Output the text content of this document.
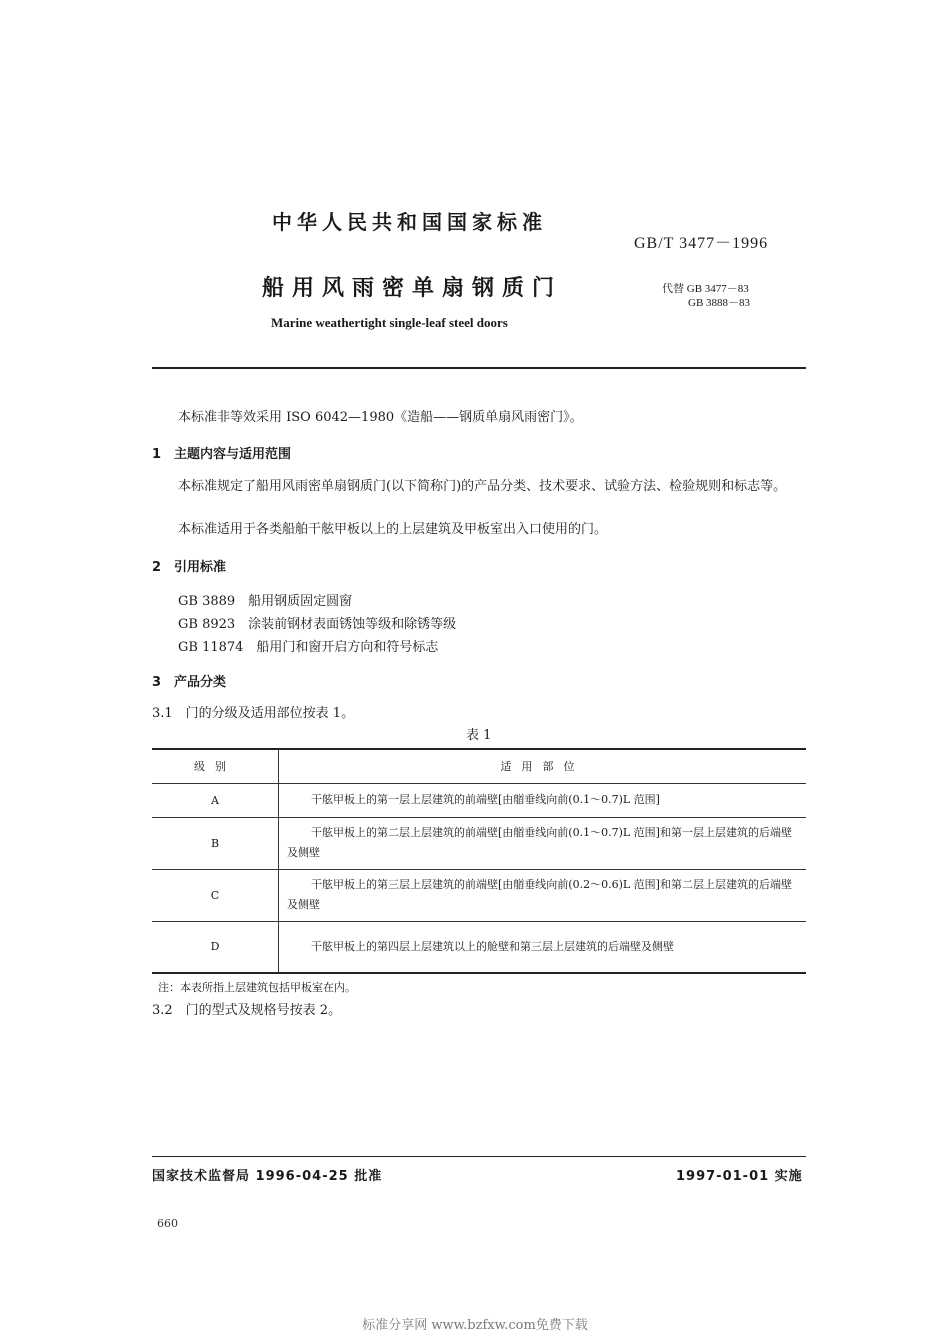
中华人民共和国国家标准
GB/T 3477－1996
船用风雨密单扇钢质门
Marine weathertight single-leaf steel doors
代替 GB 3477－83
GB 3888－83
本标准非等效采用 ISO 6042—1980《造船——钢质单扇风雨密门》。
1　主题内容与适用范围
本标准规定了船用风雨密单扇钢质门(以下简称门)的产品分类、技术要求、试验方法、检验规则和标志等。
本标准适用于各类船舶干舷甲板以上的上层建筑及甲板室出入口使用的门。
2　引用标准
GB 3889　船用钢质固定圆窗
GB 8923　涂装前钢材表面锈蚀等级和除锈等级
GB 11874　船用门和窗开启方向和符号标志
3　产品分类
3.1　门的分级及适用部位按表 1。
表 1
级别	适用部位
A	干舷甲板上的第一层上层建筑的前端壁[由艏垂线向前(0.1～0.7)L 范围]
B	干舷甲板上的第二层上层建筑的前端壁[由艏垂线向前(0.1～0.7)L 范围]和第一层上层建筑的后端壁及侧壁
C	干舷甲板上的第三层上层建筑的前端壁[由艏垂线向前(0.2～0.6)L 范围]和第二层上层建筑的后端壁及侧壁
D	干舷甲板上的第四层上层建筑以上的舱壁和第三层上层建筑的后端壁及侧壁
注：本表所指上层建筑包括甲板室在内。
3.2　门的型式及规格号按表 2。
国家技术监督局 1996-04-25 批准	1997-01-01 实施
660
标准分享网 www.bzfxw.com免费下载
